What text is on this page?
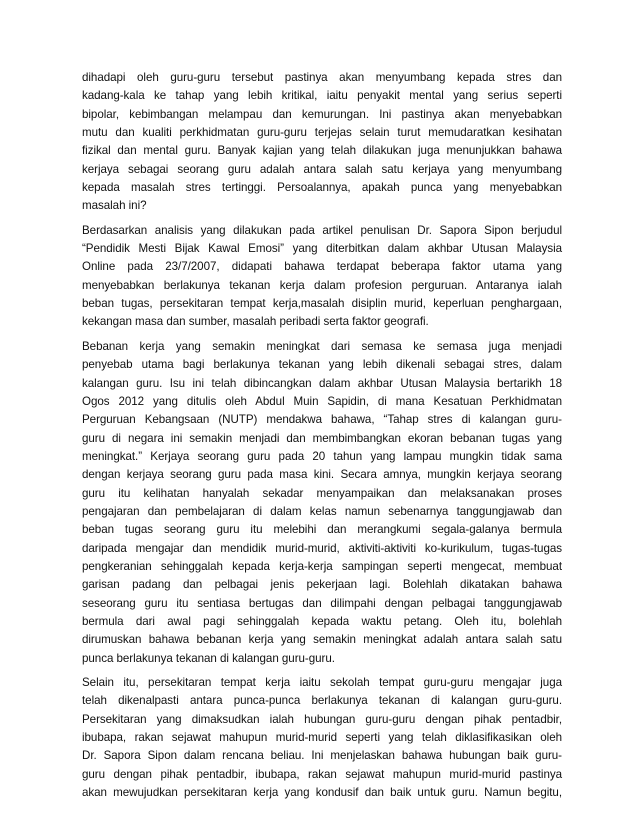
dihadapi oleh guru-guru tersebut pastinya akan menyumbang kepada stres dan
kadang-kala ke tahap yang lebih kritikal, iaitu penyakit mental yang serius seperti
bipolar, kebimbangan melampau dan kemurungan. Ini pastinya akan menyebabkan
mutu dan kualiti perkhidmatan guru-guru terjejas selain turut memudaratkan kesihatan
fizikal dan mental guru. Banyak kajian yang telah dilakukan juga menunjukkan bahawa
kerjaya sebagai seorang guru adalah antara salah satu kerjaya yang menyumbang
kepada masalah stres tertinggi. Persoalannya, apakah punca yang menyebabkan
masalah ini?
Berdasarkan analisis yang dilakukan pada artikel penulisan Dr. Sapora Sipon berjudul
“Pendidik Mesti Bijak Kawal Emosi” yang diterbitkan dalam akhbar Utusan Malaysia
Online pada 23/7/2007, didapati bahawa terdapat beberapa faktor utama yang
menyebabkan berlakunya tekanan kerja dalam profesion perguruan. Antaranya ialah
beban tugas, persekitaran tempat kerja,masalah disiplin murid, keperluan penghargaan,
kekangan masa dan sumber, masalah peribadi serta faktor geografi.
Bebanan kerja yang semakin meningkat dari semasa ke semasa juga menjadi
penyebab utama bagi berlakunya tekanan yang lebih dikenali sebagai stres, dalam
kalangan guru. Isu ini telah dibincangkan dalam akhbar Utusan Malaysia bertarikh 18
Ogos 2012 yang ditulis oleh Abdul Muin Sapidin, di mana Kesatuan Perkhidmatan
Perguruan Kebangsaan (NUTP) mendakwa bahawa, “Tahap stres di kalangan guru-
guru di negara ini semakin menjadi dan membimbangkan ekoran bebanan tugas yang
meningkat.” Kerjaya seorang guru pada 20 tahun yang lampau mungkin tidak sama
dengan kerjaya seorang guru pada masa kini. Secara amnya, mungkin kerjaya seorang
guru itu kelihatan hanyalah sekadar menyampaikan dan melaksanakan proses
pengajaran dan pembelajaran di dalam kelas namun sebenarnya tanggungjawab dan
beban tugas seorang guru itu melebihi dan merangkumi segala-galanya bermula
daripada mengajar dan mendidik murid-murid, aktiviti-aktiviti ko-kurikulum, tugas-tugas
pengkeranian sehinggalah kepada kerja-kerja sampingan seperti mengecat, membuat
garisan padang dan pelbagai jenis pekerjaan lagi. Bolehlah dikatakan bahawa
seseorang guru itu sentiasa bertugas dan dilimpahi dengan pelbagai tanggungjawab
bermula dari awal pagi sehinggalah kepada waktu petang. Oleh itu, bolehlah
dirumuskan bahawa bebanan kerja yang semakin meningkat adalah antara salah satu
punca berlakunya tekanan di kalangan guru-guru.
Selain itu, persekitaran tempat kerja iaitu sekolah tempat guru-guru mengajar juga
telah dikenalpasti antara punca-punca berlakunya tekanan di kalangan guru-guru.
Persekitaran yang dimaksudkan ialah hubungan guru-guru dengan pihak pentadbir,
ibubapa, rakan sejawat mahupun murid-murid seperti yang telah diklasifikasikan oleh
Dr. Sapora Sipon dalam rencana beliau. Ini menjelaskan bahawa hubungan baik guru-
guru dengan pihak pentadbir, ibubapa, rakan sejawat mahupun murid-murid pastinya
akan mewujudkan persekitaran kerja yang kondusif dan baik untuk guru. Namun begitu,
